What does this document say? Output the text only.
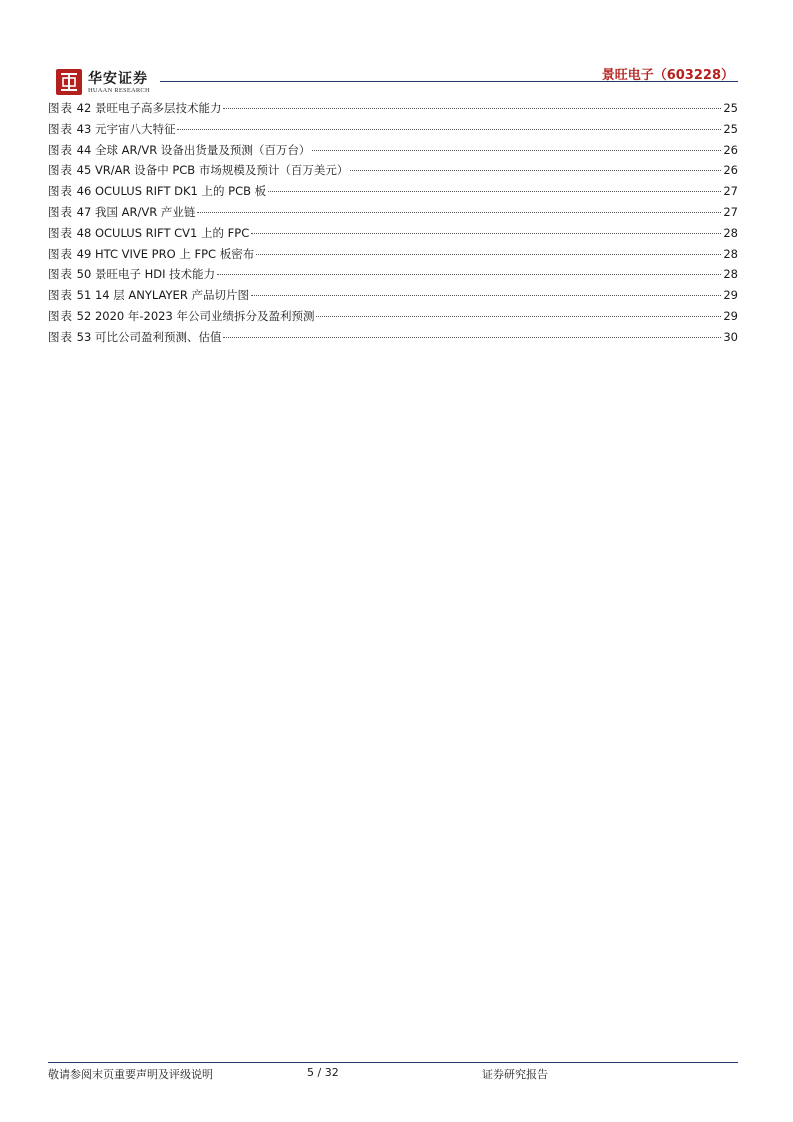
华安证券
HUAAN RESEARCH
景旺电子（603228）
图表 42 景旺电子高多层技术能力	25
图表 43 元宇宙八大特征	25
图表 44 全球 AR/VR 设备出货量及预测（百万台）	26
图表 45 VR/AR 设备中 PCB 市场规模及预计（百万美元）	26
图表 46 OCULUS RIFT DK1 上的 PCB 板	27
图表 47 我国 AR/VR 产业链	27
图表 48 OCULUS RIFT CV1 上的 FPC	28
图表 49 HTC VIVE PRO 上 FPC 板密布	28
图表 50 景旺电子 HDI 技术能力	28
图表 51 14 层 ANYLAYER 产品切片图	29
图表 52 2020 年-2023 年公司业绩拆分及盈利预测	29
图表 53 可比公司盈利预测、估值	30
敬请参阅末页重要声明及评级说明	5 / 32	证券研究报告
